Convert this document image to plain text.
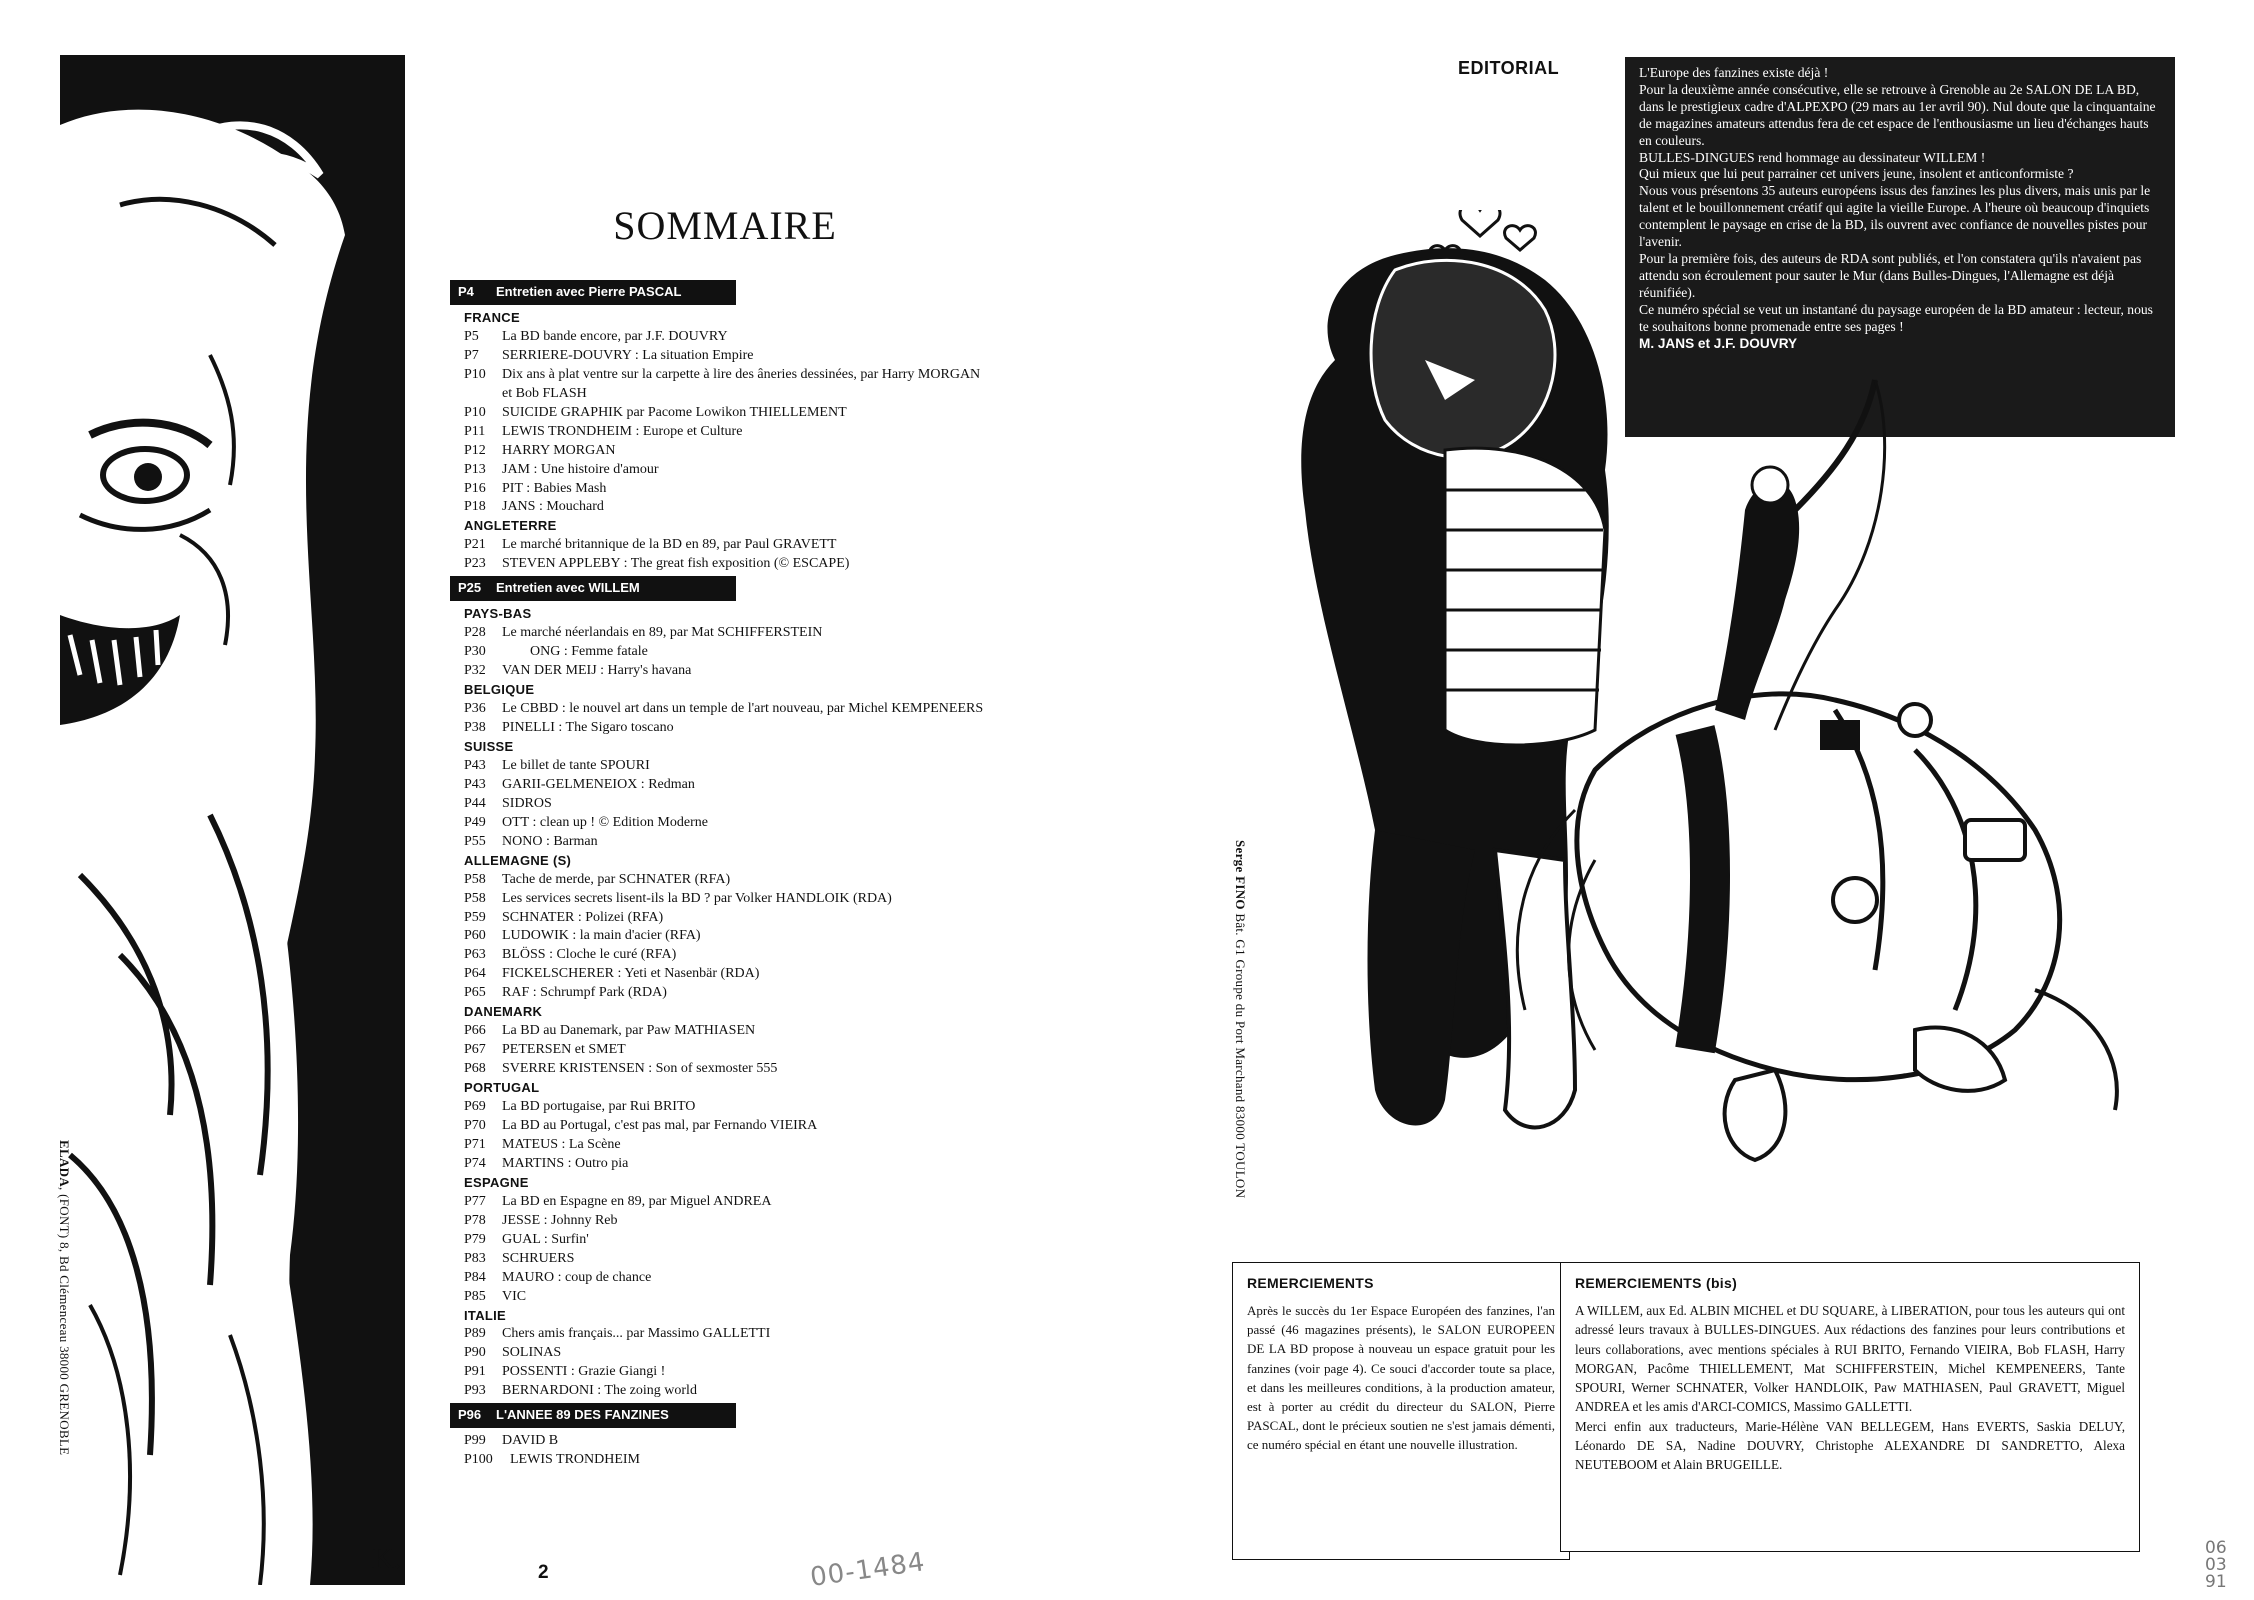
ELADA, (FONT) 8, Bd Clémenceau 38000 GRENOBLE
SOMMAIRE
P4 Entretien avec Pierre PASCAL
FRANCE
P5 La BD bande encore, par J.F. DOUVRY
P7 SERRIERE-DOUVRY : La situation Empire
P10 Dix ans à plat ventre sur la carpette à lire des âneries dessinées, par Harry MORGAN
et Bob FLASH
P10 SUICIDE GRAPHIK par Pacome Lowikon THIELLEMENT
P11 LEWIS TRONDHEIM : Europe et Culture
P12 HARRY MORGAN
P13 JAM : Une histoire d'amour
P16 PIT : Babies Mash
P18 JANS : Mouchard
ANGLETERRE
P21 Le marché britannique de la BD en 89, par Paul GRAVETT
P23 STEVEN APPLEBY : The great fish exposition (© ESCAPE)
P25 Entretien avec WILLEM
PAYS-BAS
P28 Le marché néerlandais en 89, par Mat SCHIFFERSTEIN
P30        ONG : Femme fatale
P32 VAN DER MEIJ : Harry's havana
BELGIQUE
P36 Le CBBD : le nouvel art dans un temple de l'art nouveau, par Michel KEMPENEERS
P38 PINELLI : The Sigaro toscano
SUISSE
P43 Le billet de tante SPOURI
P43 GARII-GELMENEIOX : Redman
P44 SIDROS
P49 OTT : clean up ! © Edition Moderne
P55 NONO : Barman
ALLEMAGNE (S)
P58 Tache de merde, par SCHNATER (RFA)
P58 Les services secrets lisent-ils la BD ? par Volker HANDLOIK (RDA)
P59 SCHNATER : Polizei (RFA)
P60 LUDOWIK : la main d'acier (RFA)
P63 BLÖSS : Cloche le curé (RFA)
P64 FICKELSCHERER : Yeti et Nasenbär (RDA)
P65 RAF : Schrumpf Park (RDA)
DANEMARK
P66 La BD au Danemark, par Paw MATHIASEN
P67 PETERSEN et SMET
P68 SVERRE KRISTENSEN : Son of sexmoster 555
PORTUGAL
P69 La BD portugaise, par Rui BRITO
P70 La BD au Portugal, c'est pas mal, par Fernando VIEIRA
P71 MATEUS : La Scène
P74 MARTINS : Outro pia
ESPAGNE
P77 La BD en Espagne en 89, par Miguel ANDREA
P78 JESSE : Johnny Reb
P79 GUAL : Surfin'
P83 SCHRUERS
P84 MAURO : coup de chance
P85 VIC
ITALIE
P89 Chers amis français... par Massimo GALLETTI
P90 SOLINAS
P91 POSSENTI : Grazie Giangi !
P93 BERNARDONI : The zoing world
P96 L'ANNEE 89 DES FANZINES
P99 DAVID B
P100 LEWIS TRONDHEIM
K.	2	00-1484
EDITORIAL	L'Europe des fanzines existe déjà !

Pour la deuxième année consécutive, elle se retrouve à Grenoble au 2e SALON DE LA BD, dans le prestigieux cadre d'ALPEXPO (29 mars au 1er avril 90). Nul doute que la cinquantaine de magazines amateurs attendus fera de cet espace de l'enthousiasme un lieu d'échanges hauts en couleurs.

BULLES-DINGUES rend hommage au dessinateur WILLEM !

Qui mieux que lui peut parrainer cet univers jeune, insolent et anticonformiste ?

Nous vous présentons 35 auteurs européens issus des fanzines les plus divers, mais unis par le talent et le bouillonnement créatif qui agite la vieille Europe. A l'heure où beaucoup d'inquiets contemplent le paysage en crise de la BD, ils ouvrent avec confiance de nouvelles pistes pour l'avenir.

Pour la première fois, des auteurs de RDA sont publiés, et l'on constatera qu'ils n'avaient pas attendu son écroulement pour sauter le Mur (dans Bulles-Dingues, l'Allemagne est déjà réunifiée).

Ce numéro spécial se veut un instantané du paysage européen de la BD amateur : lecteur, nous te souhaitons bonne promenade entre ses pages !

M. JANS et J.F. DOUVRY

Serge FINO Bât. G1 Groupe du Port Marchand 83000 TOULON
REMERCIEMENTS
Après le succès du 1er Espace Européen des fanzines, l'an passé (46 magazines présents), le SALON EUROPEEN DE LA BD propose à nouveau un espace gratuit pour les fanzines (voir page 4). Ce souci d'accorder toute sa place, et dans les meilleures conditions, à la production amateur, est à porter au crédit du directeur du SALON, Pierre PASCAL, dont le précieux soutien ne s'est jamais démenti, ce numéro spécial en étant une nouvelle illustration.
REMERCIEMENTS (bis)
A WILLEM, aux Ed. ALBIN MICHEL et DU SQUARE, à LIBERATION, pour tous les auteurs qui ont adressé leurs travaux à BULLES-DINGUES. Aux rédactions des fanzines pour leurs contributions et leurs collaborations, avec mentions spéciales à RUI BRITO, Fernando VIEIRA, Bob FLASH, Harry MORGAN, Pacôme THIELLEMENT, Mat SCHIFFERSTEIN, Michel KEMPENEERS, Tante SPOURI, Werner SCHNATER, Volker HANDLOIK, Paw MATHIASEN, Paul GRAVETT, Miguel ANDREA et les amis d'ARCI-COMICS, Massimo GALLETTI.
Merci enfin aux traducteurs, Marie-Hélène VAN BELLEGEM, Hans EVERTS, Saskia DELUY, Léonardo DE SA, Nadine DOUVRY, Christophe ALEXANDRE DI SANDRETTO, Alexa NEUTEBOOM et Alain BRUGEILLE.
06
03
91
